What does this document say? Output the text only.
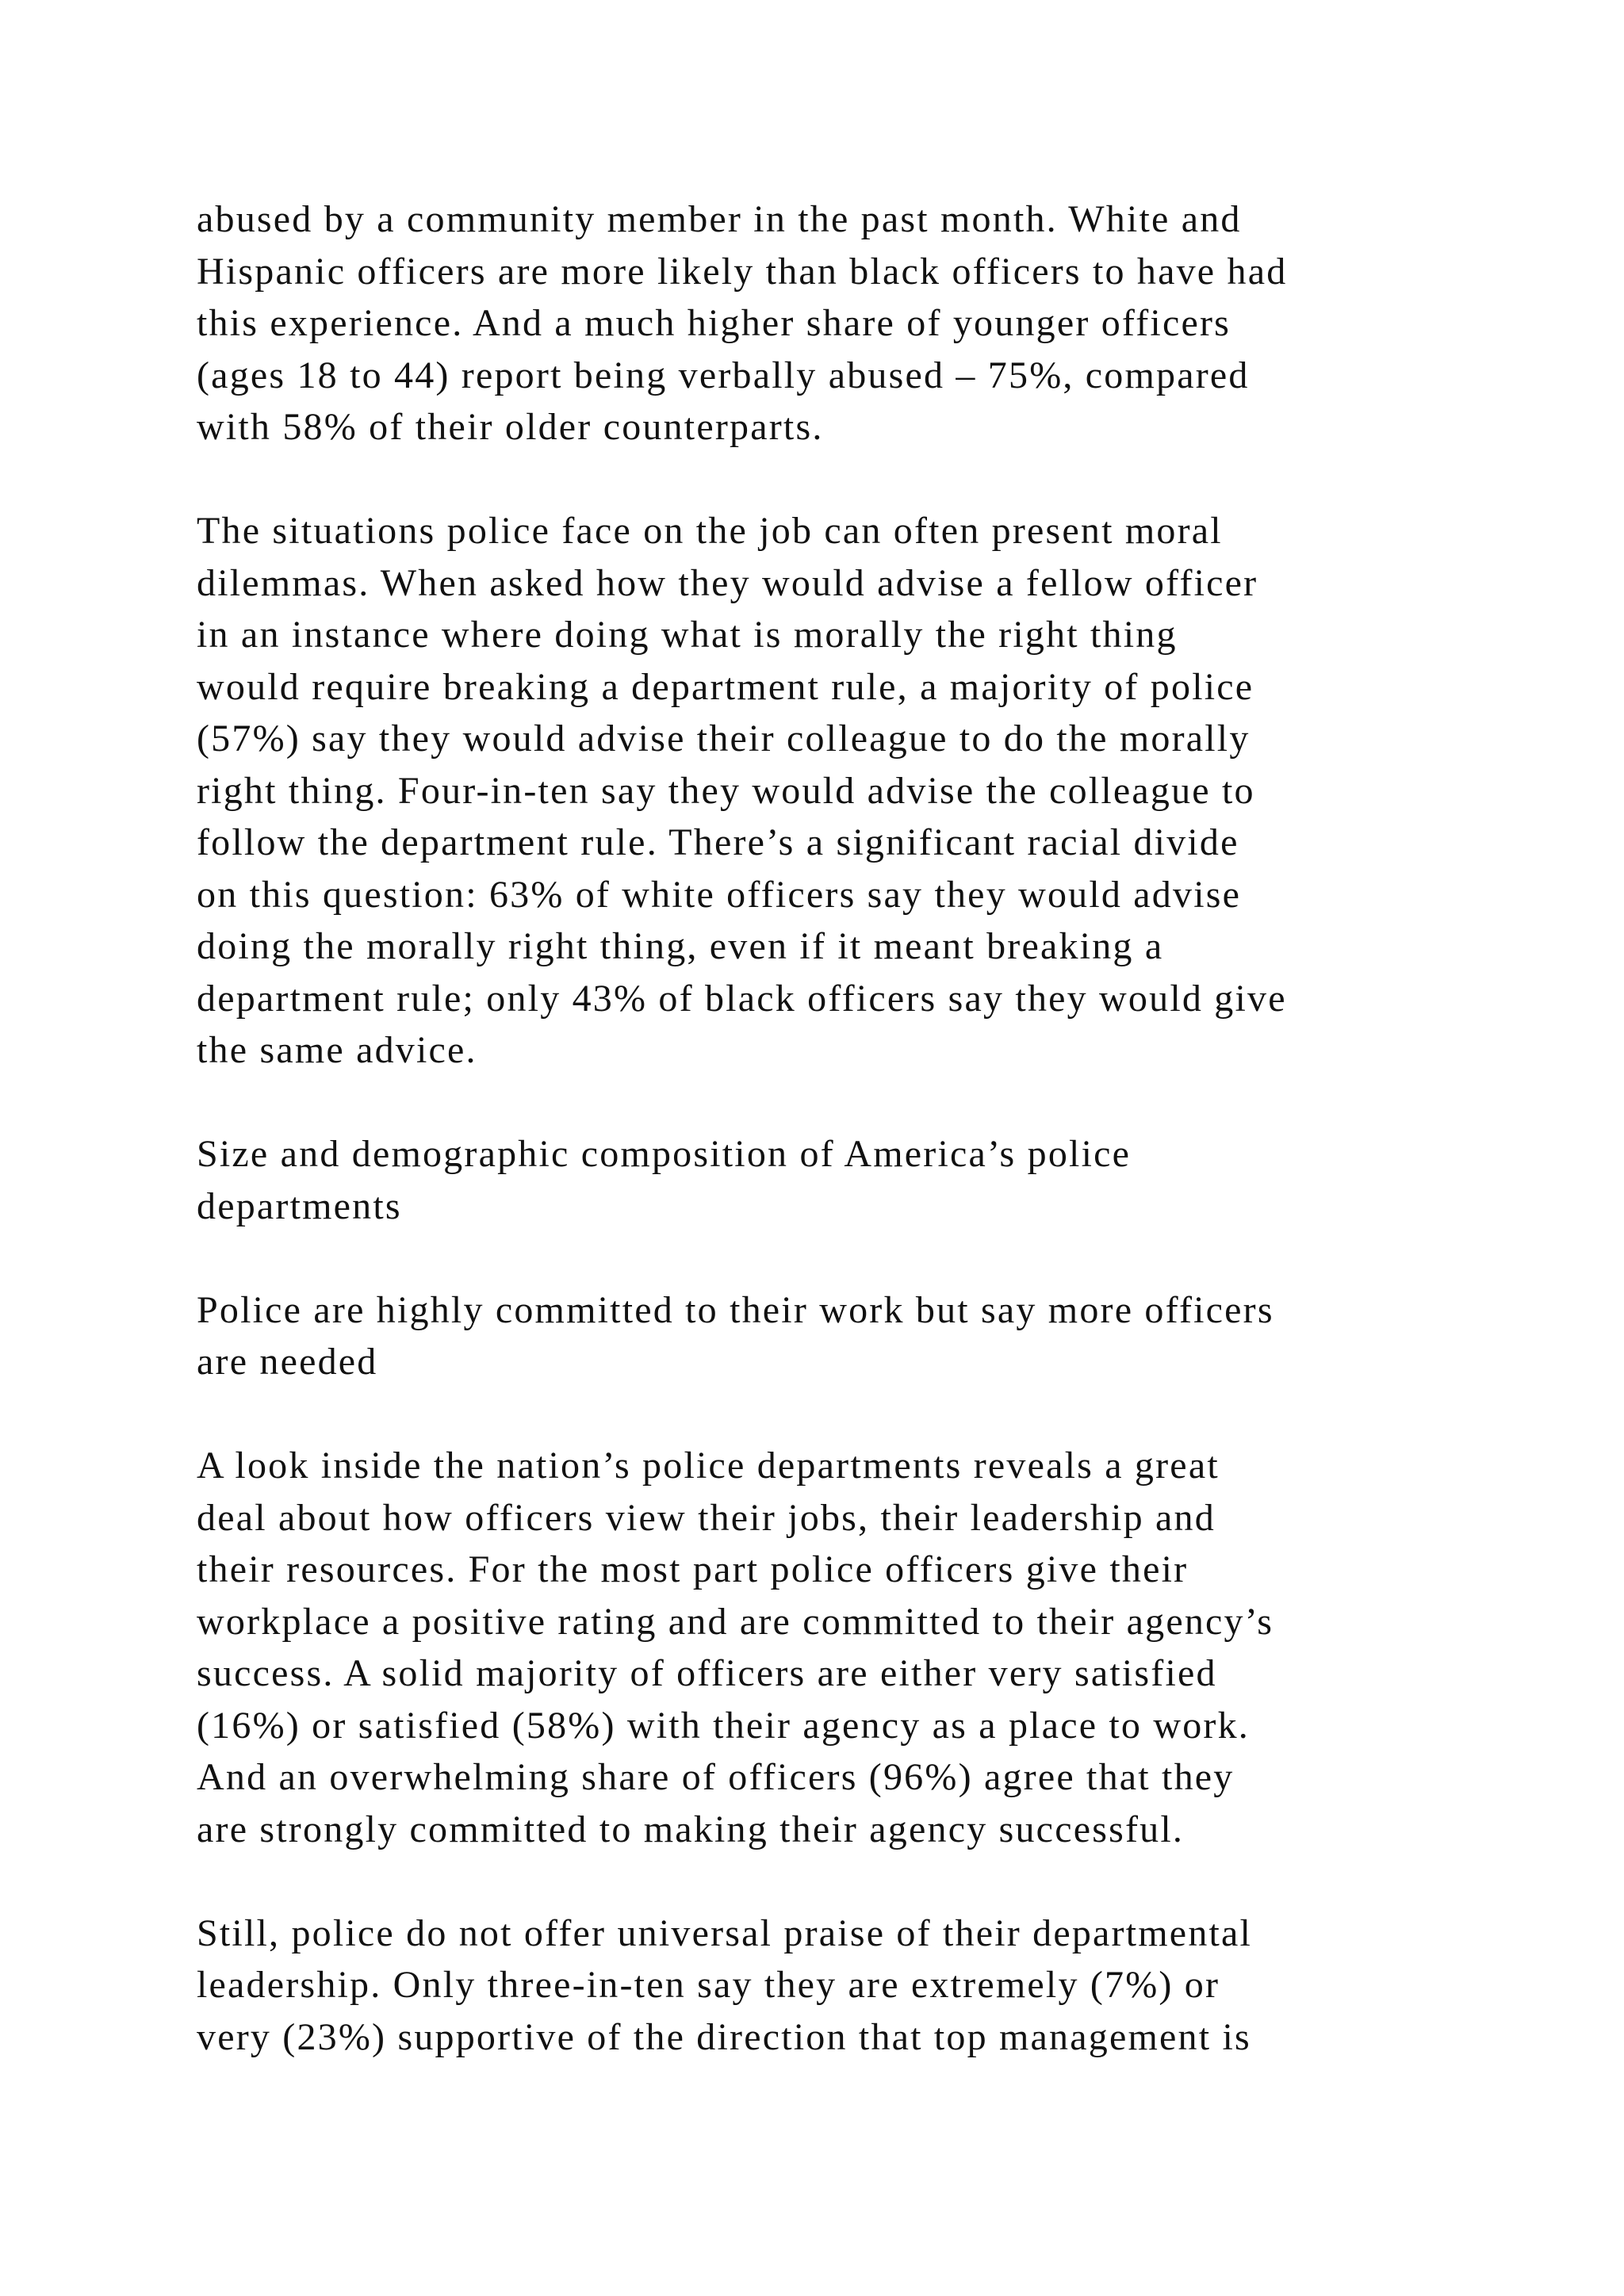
abused by a community member in the past month. White and
Hispanic officers are more likely than black officers to have had
this experience. And a much higher share of younger officers
(ages 18 to 44) report being verbally abused – 75%, compared
with 58% of their older counterparts.

The situations police face on the job can often present moral
dilemmas. When asked how they would advise a fellow officer
in an instance where doing what is morally the right thing
would require breaking a department rule, a majority of police
(57%) say they would advise their colleague to do the morally
right thing. Four-in-ten say they would advise the colleague to
follow the department rule. There’s a significant racial divide
on this question: 63% of white officers say they would advise
doing the morally right thing, even if it meant breaking a
department rule; only 43% of black officers say they would give
the same advice.

Size and demographic composition of America’s police
departments

Police are highly committed to their work but say more officers
are needed

A look inside the nation’s police departments reveals a great
deal about how officers view their jobs, their leadership and
their resources. For the most part police officers give their
workplace a positive rating and are committed to their agency’s
success. A solid majority of officers are either very satisfied
(16%) or satisfied (58%) with their agency as a place to work.
And an overwhelming share of officers (96%) agree that they
are strongly committed to making their agency successful.

Still, police do not offer universal praise of their departmental
leadership. Only three-in-ten say they are extremely (7%) or
very (23%) supportive of the direction that top management is
